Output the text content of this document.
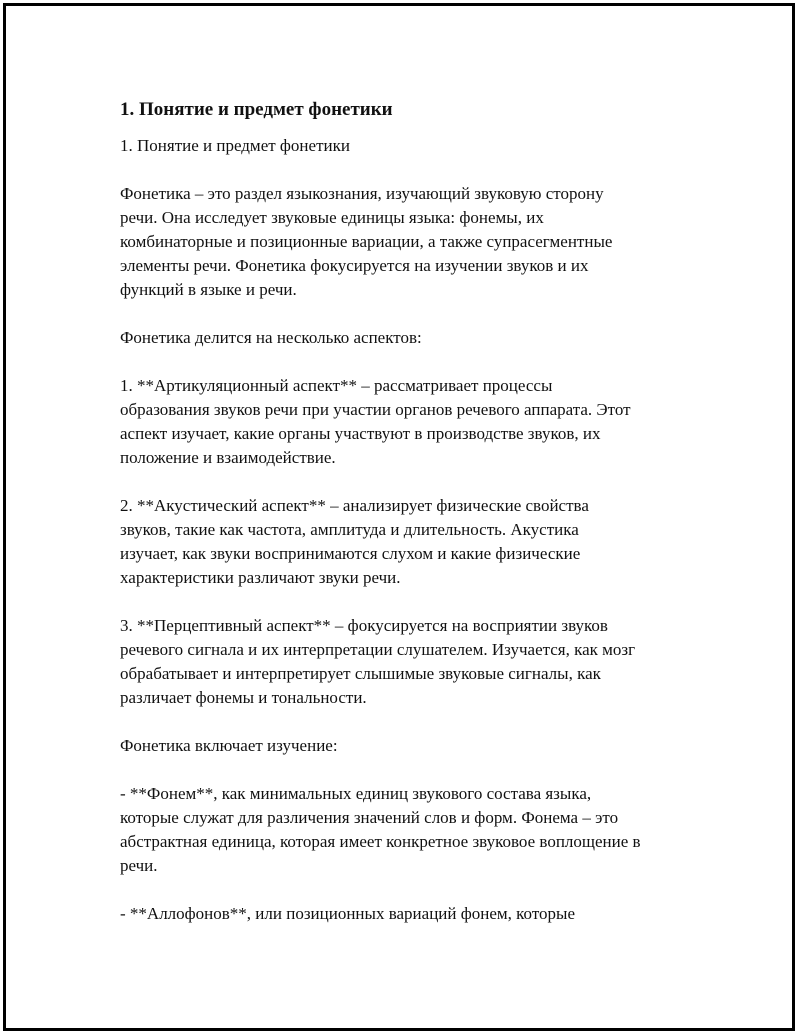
1. Понятие и предмет фонетики

1. Понятие и предмет фонетики

Фонетика – это раздел языкознания, изучающий звуковую сторону

речи. Она исследует звуковые единицы языка: фонемы, их

комбинаторные и позиционные вариации, а также супрасегментные

элементы речи. Фонетика фокусируется на изучении звуков и их

функций в языке и речи.

Фонетика делится на несколько аспектов:

1. **Артикуляционный аспект** – рассматривает процессы

образования звуков речи при участии органов речевого аппарата. Этот

аспект изучает, какие органы участвуют в производстве звуков, их

положение и взаимодействие.

2. **Акустический аспект** – анализирует физические свойства

звуков, такие как частота, амплитуда и длительность. Акустика

изучает, как звуки воспринимаются слухом и какие физические

характеристики различают звуки речи.

3. **Перцептивный аспект** – фокусируется на восприятии звуков

речевого сигнала и их интерпретации слушателем. Изучается, как мозг

обрабатывает и интерпретирует слышимые звуковые сигналы, как

различает фонемы и тональности.

Фонетика включает изучение:

- **Фонем**, как минимальных единиц звукового состава языка,

которые служат для различения значений слов и форм. Фонема – это

абстрактная единица, которая имеет конкретное звуковое воплощение в

речи.

- **Аллофонов**, или позиционных вариаций фонем, которые
